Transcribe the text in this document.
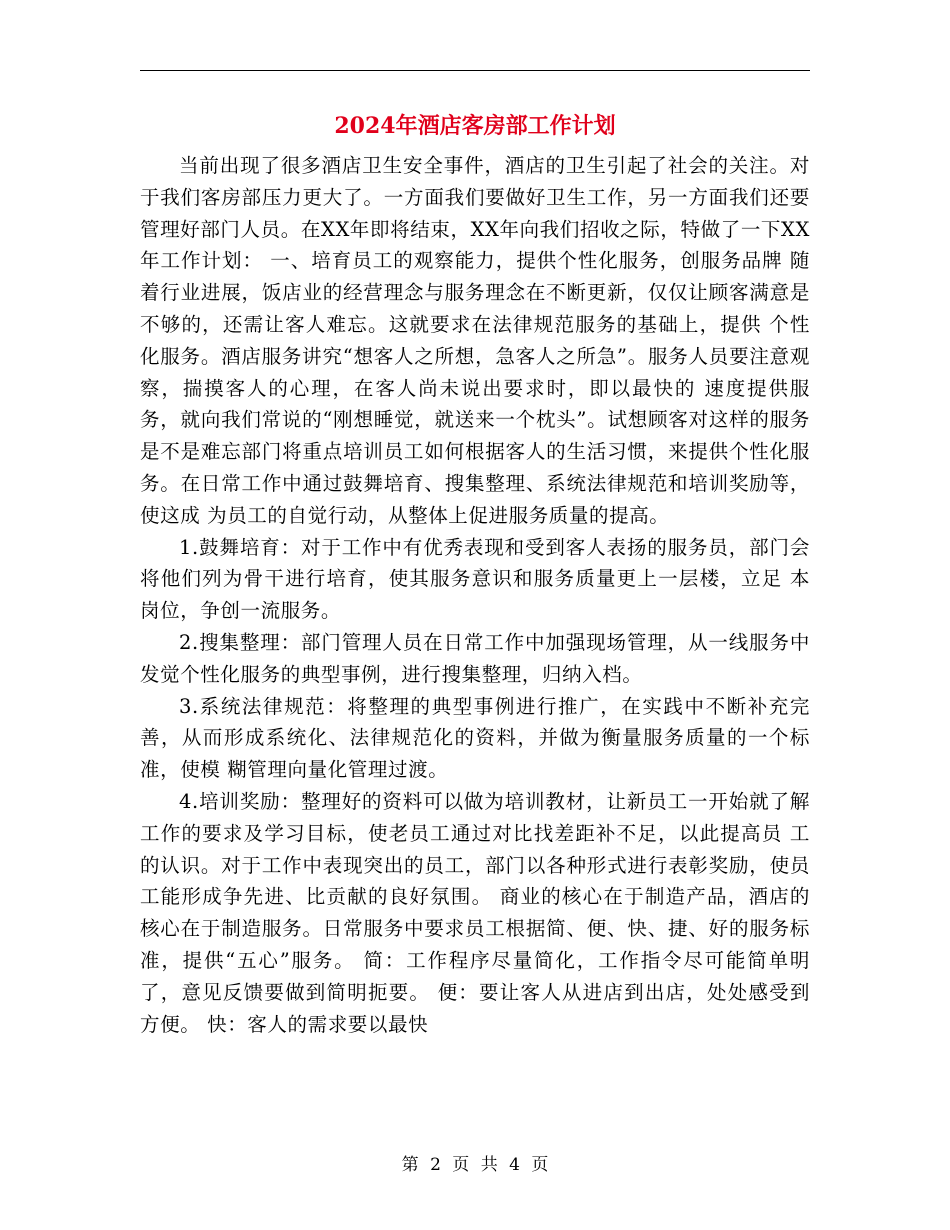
2024年酒店客房部工作计划

当前出现了很多酒店卫生安全事件，酒店的卫生引起了社会的关注。对于我们客房部压力更大了。一方面我们要做好卫生工作，另一方面我们还要管理好部门人员。在XX年即将结束，XX年向我们招收之际，特做了一下XX年工作计划： 一、培育员工的观察能力，提供个性化服务，创服务品牌 随着行业进展，饭店业的经营理念与服务理念在不断更新，仅仅让顾客满意是不够的，还需让客人难忘。这就要求在法律规范服务的基础上，提供 个性化服务。酒店服务讲究“想客人之所想，急客人之所急”。服务人员要注意观察，揣摸客人的心理，在客人尚未说出要求时，即以最快的 速度提供服务，就向我们常说的“刚想睡觉，就送来一个枕头”。试想顾客对这样的服务是不是难忘部门将重点培训员工如何根据客人的生活习惯，来提供个性化服务。在日常工作中通过鼓舞培育、搜集整理、系统法律规范和培训奖励等，使这成 为员工的自觉行动，从整体上促进服务质量的提高。

1.鼓舞培育：对于工作中有优秀表现和受到客人表扬的服务员，部门会将他们列为骨干进行培育，使其服务意识和服务质量更上一层楼，立足 本岗位，争创一流服务。

2.搜集整理：部门管理人员在日常工作中加强现场管理，从一线服务中发觉个性化服务的典型事例，进行搜集整理，归纳入档。

3.系统法律规范：将整理的典型事例进行推广，在实践中不断补充完善，从而形成系统化、法律规范化的资料，并做为衡量服务质量的一个标准，使模 糊管理向量化管理过渡。

4.培训奖励：整理好的资料可以做为培训教材，让新员工一开始就了解工作的要求及学习目标，使老员工通过对比找差距补不足，以此提高员 工的认识。对于工作中表现突出的员工，部门以各种形式进行表彰奖励，使员工能形成争先进、比贡献的良好氛围。 商业的核心在于制造产品，酒店的核心在于制造服务。日常服务中要求员工根据简、便、快、捷、好的服务标准，提供“五心”服务。 简：工作程序尽量简化，工作指令尽可能简单明了，意见反馈要做到简明扼要。 便：要让客人从进店到出店，处处感受到方便。 快：客人的需求要以最快

第 2 页 共 4 页
